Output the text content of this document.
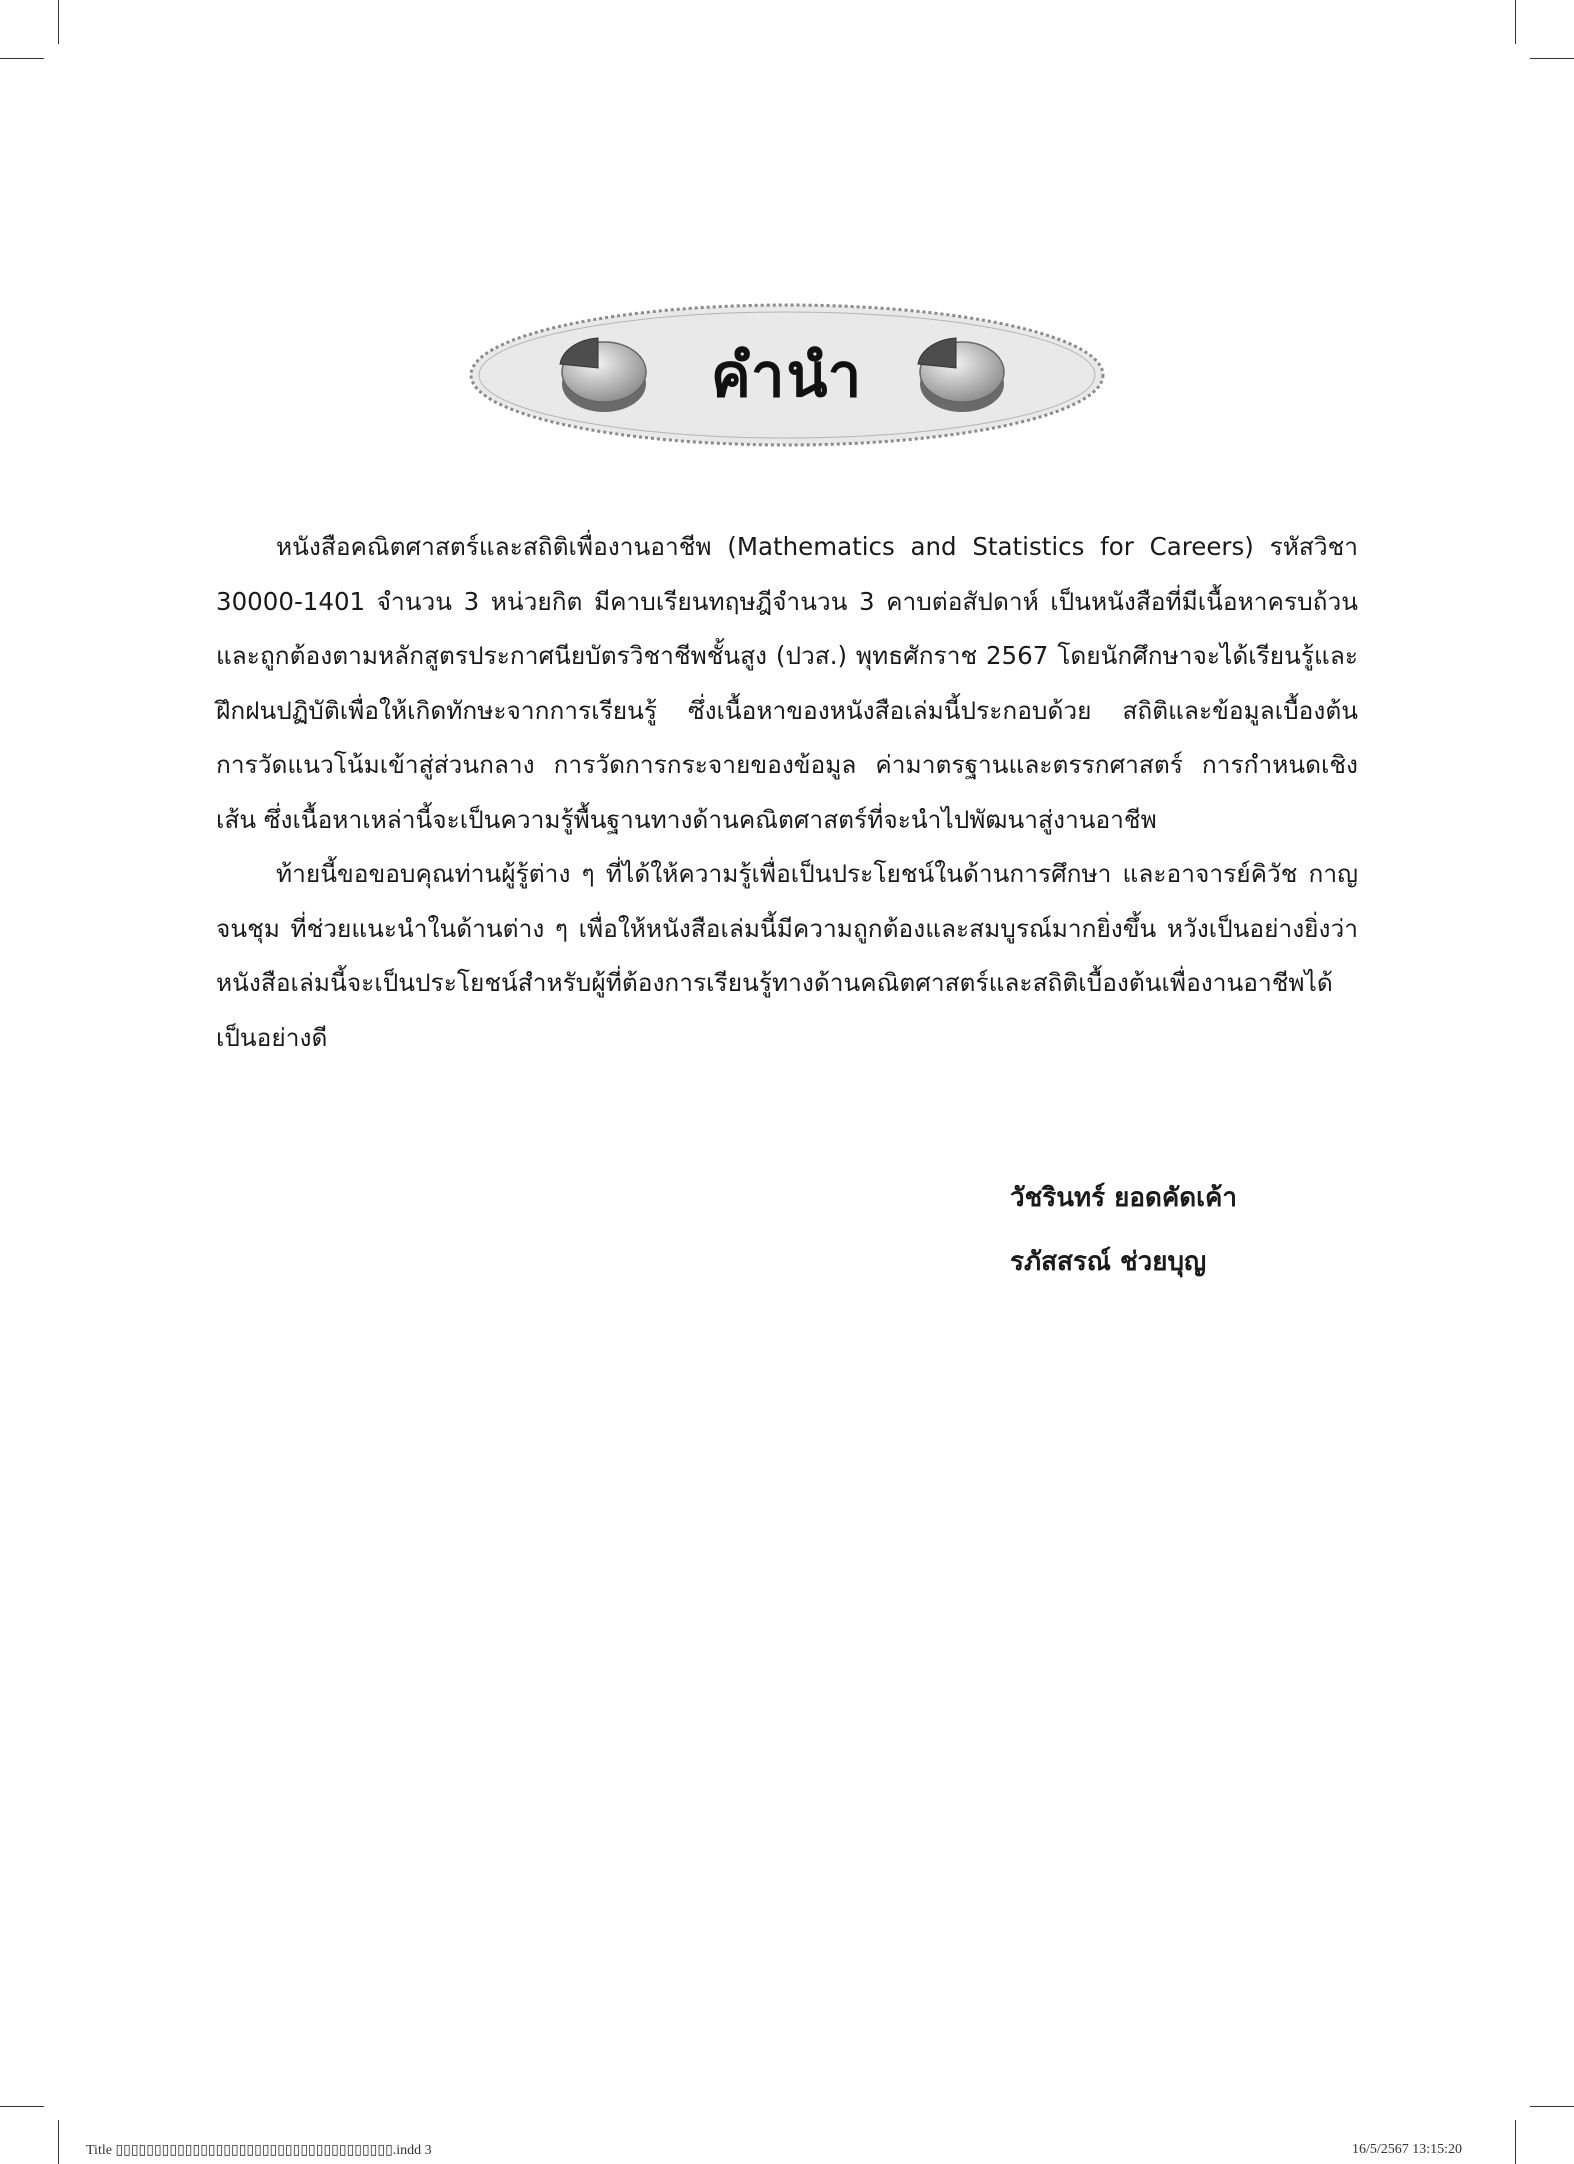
คำนำ

หนังสือคณิตศาสตร์และสถิติเพื่องานอาชีพ (Mathematics and Statistics for Careers) รหัสวิชา 30000-1401 จำนวน 3 หน่วยกิต มีคาบเรียนทฤษฎีจำนวน 3 คาบต่อสัปดาห์ เป็นหนังสือที่มีเนื้อหาครบถ้วนและถูกต้องตามหลักสูตรประกาศนียบัตรวิชาชีพชั้นสูง (ปวส.) พุทธศักราช 2567 โดยนักศึกษาจะได้เรียนรู้และฝึกฝนปฏิบัติเพื่อให้เกิดทักษะจากการเรียนรู้ ซึ่งเนื้อหาของหนังสือเล่มนี้ประกอบด้วย สถิติและข้อมูลเบื้องต้น การวัดแนวโน้มเข้าสู่ส่วนกลาง การวัดการกระจายของข้อมูล ค่ามาตรฐานและตรรกศาสตร์ การกำหนดเชิงเส้น ซึ่งเนื้อหาเหล่านี้จะเป็นความรู้พื้นฐานทางด้านคณิตศาสตร์ที่จะนำไปพัฒนาสู่งานอาชีพ

ท้ายนี้ขอขอบคุณท่านผู้รู้ต่าง ๆ ที่ได้ให้ความรู้เพื่อเป็นประโยชน์ในด้านการศึกษา และอาจารย์คิวัช กาญจนชุม ที่ช่วยแนะนำในด้านต่าง ๆ เพื่อให้หนังสือเล่มนี้มีความถูกต้องและสมบูรณ์มากยิ่งขึ้น หวังเป็นอย่างยิ่งว่าหนังสือเล่มนี้จะเป็นประโยชน์สำหรับผู้ที่ต้องการเรียนรู้ทางด้านคณิตศาสตร์และสถิติเบื้องต้นเพื่องานอาชีพได้เป็นอย่างดี

วัชรินทร์ ยอดคัดเค้า
รภัสสรณ์ ช่วยบุญ
Title ▯▯▯▯▯▯▯▯▯▯▯▯▯▯▯▯▯▯▯▯▯▯▯▯▯▯▯▯▯▯▯▯▯▯▯▯.indd 3	16/5/2567 13:15:20
